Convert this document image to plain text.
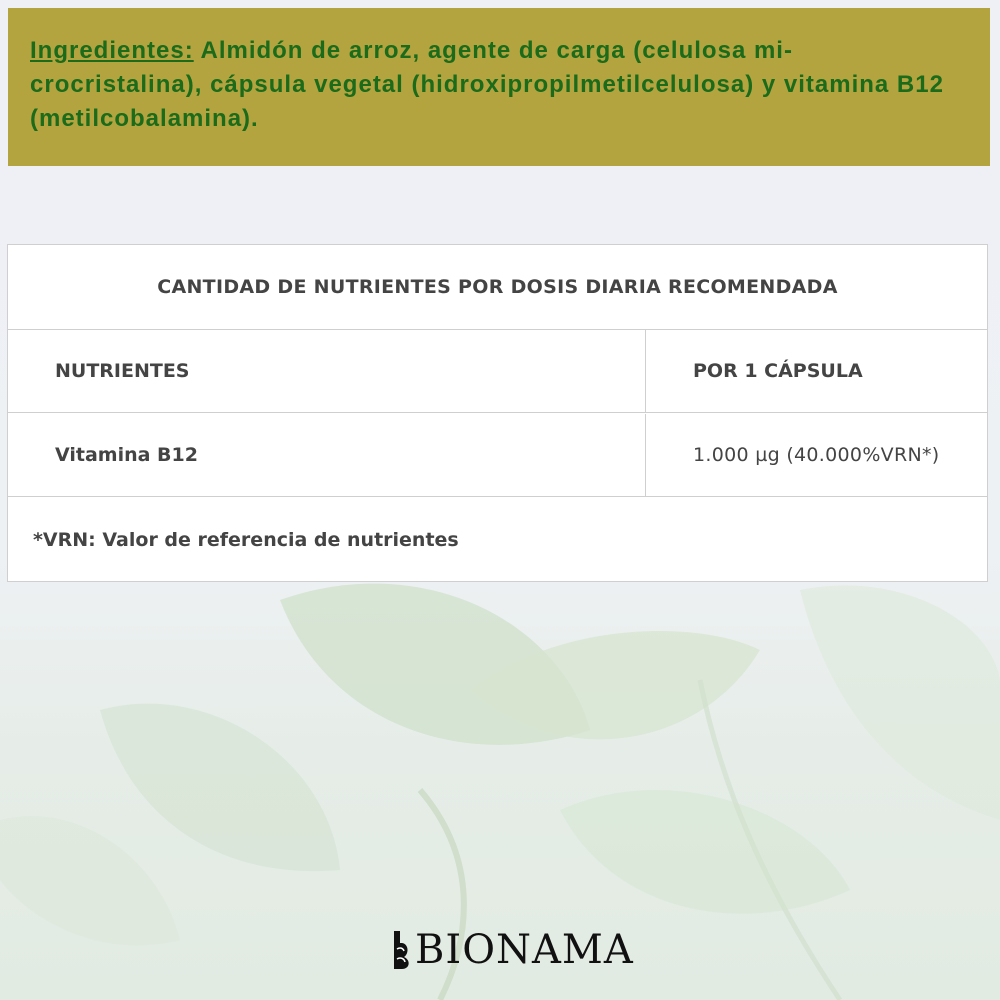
Ingredientes: Almidón de arroz, agente de carga (celulosa mi-crocristalina), cápsula vegetal (hidroxipropilmetilcelulosa) y vitamina B12 (metilcobalamina).

CANTIDAD DE NUTRIENTES POR DOSIS DIARIA RECOMENDADA
NUTRIENTES	POR 1 CÁPSULA
Vitamina B12	1.000 µg (40.000%VRN*)
*VRN: Valor de referencia de nutrientes
BIONAMA
